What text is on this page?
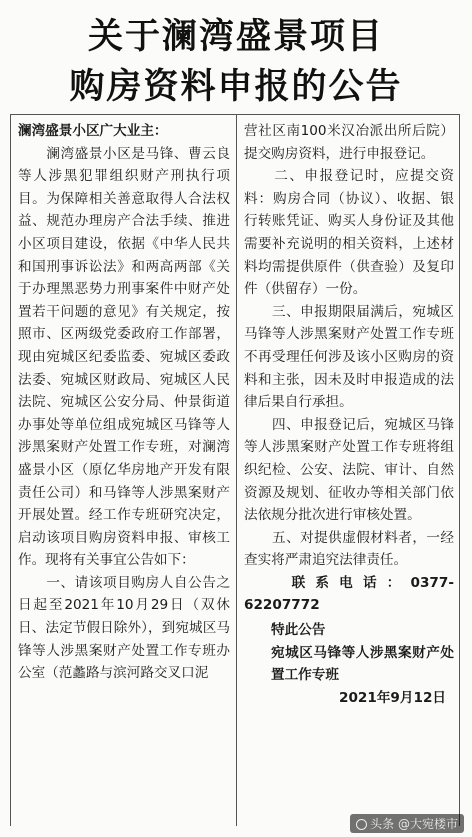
关于澜湾盛景项目
购房资料申报的公告

澜湾盛景小区广大业主：

　　澜湾盛景小区是马锋、曹云良等人涉黑犯罪组织财产刑执行项目。为保障相关善意取得人合法权益、规范办理房产合法手续、推进小区项目建设，依据《中华人民共和国刑事诉讼法》和两高两部《关于办理黑恶势力刑事案件中财产处置若干问题的意见》有关规定，按照市、区两级党委政府工作部署，现由宛城区纪委监委、宛城区委政法委、宛城区财政局、宛城区人民法院、宛城区公安分局、仲景街道办事处等单位组成宛城区马锋等人涉黑案财产处置工作专班，对澜湾盛景小区（原亿华房地产开发有限责任公司）和马锋等人涉黑案财产开展处置。经工作专班研究决定，启动该项目购房资料申报、审核工作。现将有关事宜公告如下：

　　一、请该项目购房人自公告之日起至2021年10月29日（双休日、法定节假日除外），到宛城区马锋等人涉黑案财产处置工作专班办公室（范蠡路与滨河路交叉口泥

营社区南100米汉冶派出所后院）提交购房资料，进行申报登记。

　　二、申报登记时，应提交资料：购房合同（协议）、收据、银行转账凭证、购买人身份证及其他需要补充说明的相关资料，上述材料均需提供原件（供查验）及复印件（供留存）一份。

　　三、申报期限届满后，宛城区马锋等人涉黑案财产处置工作专班不再受理任何涉及该小区购房的资料和主张，因未及时申报造成的法律后果自行承担。

　　四、申报登记后，宛城区马锋等人涉黑案财产处置工作专班将组织纪检、公安、法院、审计、自然资源及规划、征收办等相关部门依法依规分批次进行审核处置。

　　五、对提供虚假材料者，一经查实将严肃追究法律责任。

　　联系电话：0377-62207772

特此公告

宛城区马锋等人涉黑案财产处置工作专班

2021年9月12日

头条 @大宛楼市
